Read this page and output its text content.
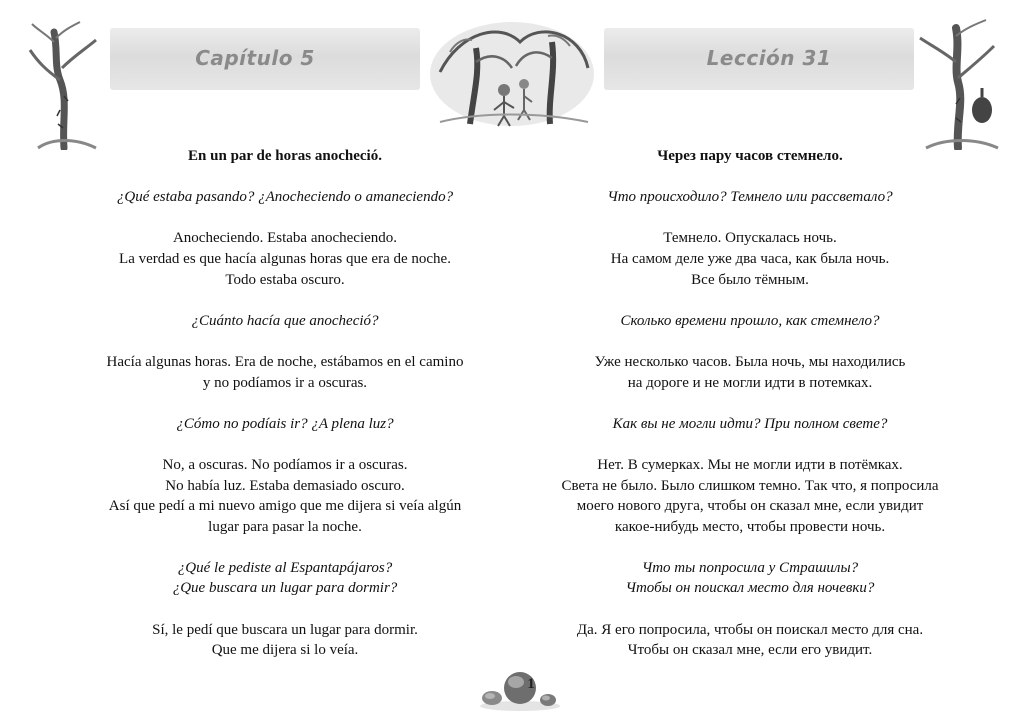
Capítulo 5	Lección 31

En un par de horas anocheció.

¿Qué estaba pasando? ¿Anocheciendo o amaneciendo?

Anocheciendo. Estaba anocheciendo.
La verdad es que hacía algunas horas que era de noche.
Todo estaba oscuro.

¿Cuánto hacía que anocheció?

Hacía algunas horas. Era de noche, estábamos en el camino
y no podíamos ir a oscuras.

¿Cómo no podíais ir? ¿A plena luz?

No, a oscuras. No podíamos ir a oscuras.
No había luz. Estaba demasiado oscuro.
Así que pedí a mi nuevo amigo que me dijera si veía algún
lugar para pasar la noche.

¿Qué le pediste al Espantapájaros?
¿Que buscara un lugar para dormir?

Sí, le pedí que buscara un lugar para dormir.
Que me dijera si lo veía.

Через пару часов стемнело.

Что происходило? Темнело или рассветало?

Темнело. Опускалась ночь.
На самом деле уже два часа, как была ночь.
Все было тёмным.

Сколько времени прошло, как стемнело?

Уже несколько часов. Была ночь, мы находились
на дороге и не могли идти в потемках.

Как вы не могли идти? При полном свете?

Нет. В сумерках. Мы не могли идти в потёмках.
Света не было. Было слишком темно. Так что, я попросила
моего нового друга, чтобы он сказал мне, если увидит
какое-нибудь место, чтобы провести ночь.

Что ты попросила у Страшилы?
Чтобы он поискал место для ночевки?

Да. Я его попросила, чтобы он поискал место для сна.
Чтобы он сказал мне, если его увидит.

1
